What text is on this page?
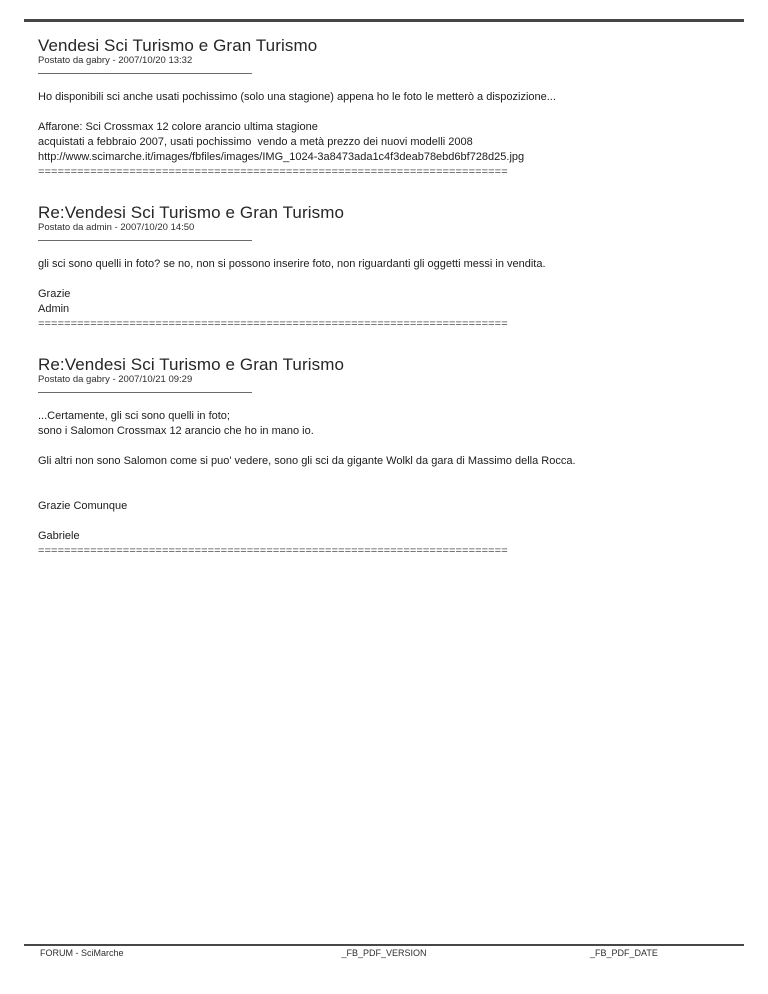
Vendesi Sci Turismo e Gran Turismo
Postato da gabry - 2007/10/20 13:32
Ho disponibili sci anche usati pochissimo (solo una stagione) appena ho le foto le metterò a dispozizione...
Affarone: Sci Crossmax 12 colore arancio ultima stagione
acquistati a febbraio 2007, usati pochissimo  vendo a metà prezzo dei nuovi modelli 2008
http://www.scimarche.it/images/fbfiles/images/IMG_1024-3a8473ada1c4f3deab78ebd6bf728d25.jpg
========================================================================
Re:Vendesi Sci Turismo e Gran Turismo
Postato da admin - 2007/10/20 14:50
gli sci sono quelli in foto? se no, non si possono inserire foto, non riguardanti gli oggetti messi in vendita.
Grazie
Admin
========================================================================
Re:Vendesi Sci Turismo e Gran Turismo
Postato da gabry - 2007/10/21 09:29
...Certamente, gli sci sono quelli in foto;
sono i Salomon Crossmax 12 arancio che ho in mano io.
Gli altri non sono Salomon come si puo' vedere, sono gli sci da gigante Wolkl da gara di Massimo della Rocca.
Grazie Comunque
Gabriele
========================================================================
FORUM - SciMarche	_FB_PDF_VERSION	_FB_PDF_DATE
